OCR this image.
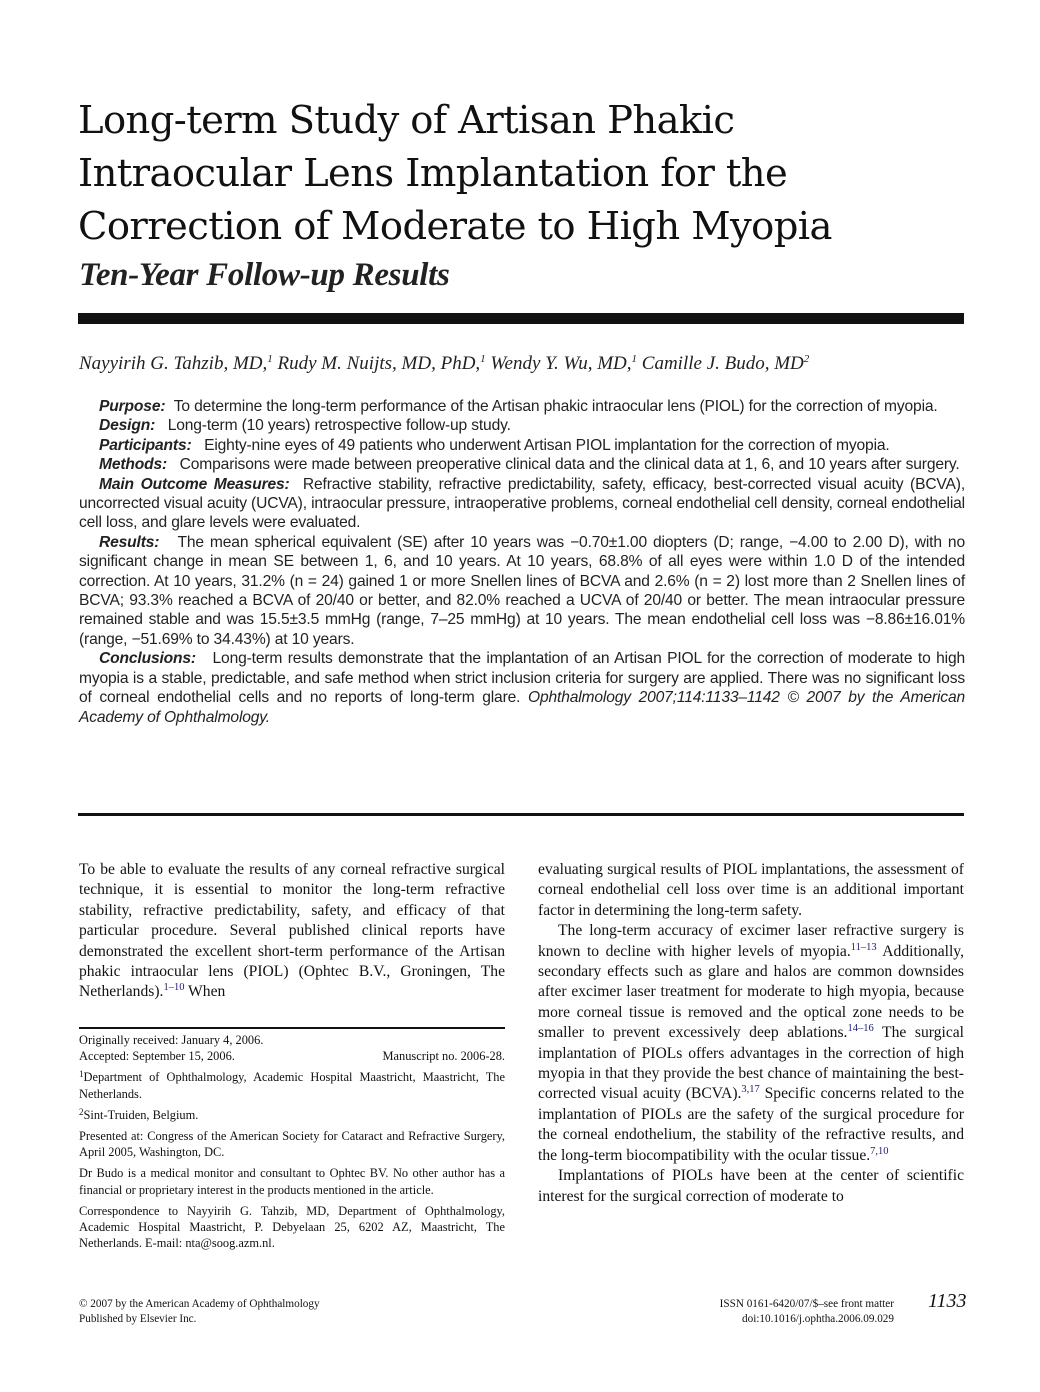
Long-term Study of Artisan Phakic
Intraocular Lens Implantation for the
Correction of Moderate to High Myopia
Ten-Year Follow-up Results
Nayyirih G. Tahzib, MD,$^1$ Rudy M. Nuijts, MD, PhD,$^1$ Wendy Y. Wu, MD,$^1$ Camille J. Budo, $MD^2$

Purpose: To determine the long-term performance of the Artisan phakic intraocular lens (PIOL) for the correction of myopia.

Design: Long-term (10 years) retrospective follow-up study.

Participants: Eighty-nine eyes of 49 patients who underwent Artisan PIOL implantation for the correction of myopia.

Methods: Comparisons were made between preoperative clinical data and the clinical data at 1, 6, and 10 years after surgery.

Main Outcome Measures: Refractive stability, refractive predictability, safety, efficacy, best-corrected visual acuity (BCVA), uncorrected visual acuity (UCVA), intraocular pressure, intraoperative problems, corneal endothelial cell density, corneal endothelial cell loss, and glare levels were evaluated.

Results: The mean spherical equivalent (SE) after 10 years was −0.70±1.00 diopters (D; range, −4.00 to 2.00 D), with no significant change in mean SE between 1, 6, and 10 years. At 10 years, 68.8% of all eyes were within 1.0 D of the intended correction. At 10 years, 31.2% (n = 24) gained 1 or more Snellen lines of BCVA and 2.6% (n = 2) lost more than 2 Snellen lines of BCVA; 93.3% reached a BCVA of 20/40 or better, and 82.0% reached a UCVA of 20/40 or better. The mean intraocular pressure remained stable and was 15.5±3.5 mmHg (range, 7–25 mmHg) at 10 years. The mean endothelial cell loss was −8.86±16.01% (range, −51.69% to 34.43%) at 10 years.

Conclusions: Long-term results demonstrate that the implantation of an Artisan PIOL for the correction of moderate to high myopia is a stable, predictable, and safe method when strict inclusion criteria for surgery are applied. There was no significant loss of corneal endothelial cells and no reports of long-term glare. Ophthalmology 2007;114:1133–1142 © 2007 by the American Academy of Ophthalmology.

To be able to evaluate the results of any corneal refractive surgical technique, it is essential to monitor the long-term refractive stability, refractive predictability, safety, and efficacy of that particular procedure. Several published clinical reports have demonstrated the excellent short-term performance of the Artisan phakic intraocular lens (PIOL) (Ophtec B.V., Groningen, The Netherlands).$^{1-10}$ When

Originally received: January 4, 2006.

Accepted: September 15, 2006.	Manuscript no. 2006-28.

$^1$Department of Ophthalmology, Academic Hospital Maastricht, Maastricht, The Netherlands.

$^2$Sint-Truiden, Belgium.

Presented at: Congress of the American Society for Cataract and Refractive Surgery, April 2005, Washington, DC.

Dr Budo is a medical monitor and consultant to Ophtec BV. No other author has a financial or proprietary interest in the products mentioned in the article.

Correspondence to Nayyirih G. Tahzib, MD, Department of Ophthalmology, Academic Hospital Maastricht, P. Debyelaan 25, 6202 AZ, Maastricht, The Netherlands. E-mail: nta@soog.azm.nl.

evaluating surgical results of PIOL implantations, the assessment of corneal endothelial cell loss over time is an additional important factor in determining the long-term safety.

The long-term accuracy of excimer laser refractive surgery is known to decline with higher levels of myopia.$^{11-13}$ Additionally, secondary effects such as glare and halos are common downsides after excimer laser treatment for moderate to high myopia, because more corneal tissue is removed and the optical zone needs to be smaller to prevent excessively deep ablations.$^{14-16}$ The surgical implantation of PIOLs offers advantages in the correction of high myopia in that they provide the best chance of maintaining the best-corrected visual acuity (BCVA).$^{3,17}$ Specific concerns related to the implantation of PIOLs are the safety of the surgical procedure for the corneal endothelium, the stability of the refractive results, and the long-term biocompatibility with the ocular tissue.$^{7,10}$

Implantations of PIOLs have been at the center of scientific interest for the surgical correction of moderate to

© 2007 by the American Academy of Ophthalmology
Published by Elsevier Inc.
ISSN 0161-6420/07/$–see front matter
doi:10.1016/j.ophtha.2006.09.029
1133
